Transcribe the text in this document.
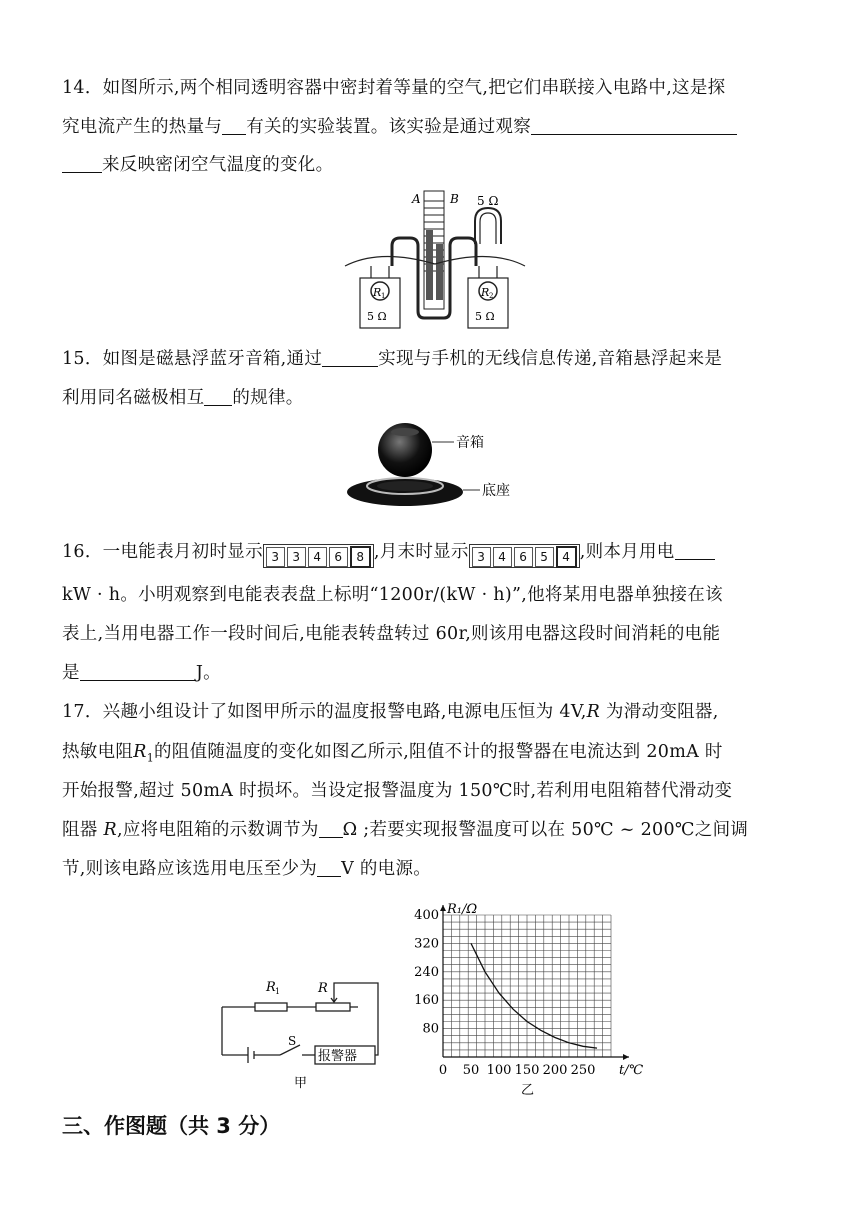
14．如图所示,两个相同透明容器中密封着等量的空气,把它们串联接入电路中,这是探
究电流产生的热量与 有关的实验装置。该实验是通过观察
来反映密闭空气温度的变化。
A B 5 Ω
R 1
5 Ω
R 2
5 Ω
15．如图是磁悬浮蓝牙音箱,通过	实现与手机的无线信息传递,音箱悬浮起来是
利用同名磁极相互 的规律。
音箱
底座
16．一电能表月初时显示 3 3 4 6 8 ,月末时显示 3 4 6 5 4 ,则本月用电
kW · h。小明观察到电能表表盘上标明“1200r/(kW · h)”,他将某用电器单独接在该
表上,当用电器工作一段时间后,电能表转盘转过 60r,则该用电器这段时间消耗的电能
是	J。
17．兴趣小组设计了如图甲所示的温度报警电路,电源电压恒为 4V,R 为滑动变阻器,
热敏电阻$R_1$的阻值随温度的变化如图乙所示,阻值不计的报警器在电流达到 20mA 时
开始报警,超过 50mA 时损坏。当设定报警温度为 150℃时,若利用电阻箱替代滑动变
阻器 R,应将电阻箱的示数调节为 Ω ;若要实现报警温度可以在 50℃ ~ 200℃之间调
节,则该电路应该选用电压至少为 V 的电源。
R 1	R
S
报警器
甲
0 50 100 150 200 250
80
160
240
320
400 R₁/Ω
t/℃
乙
三、作图题（共 3 分）
